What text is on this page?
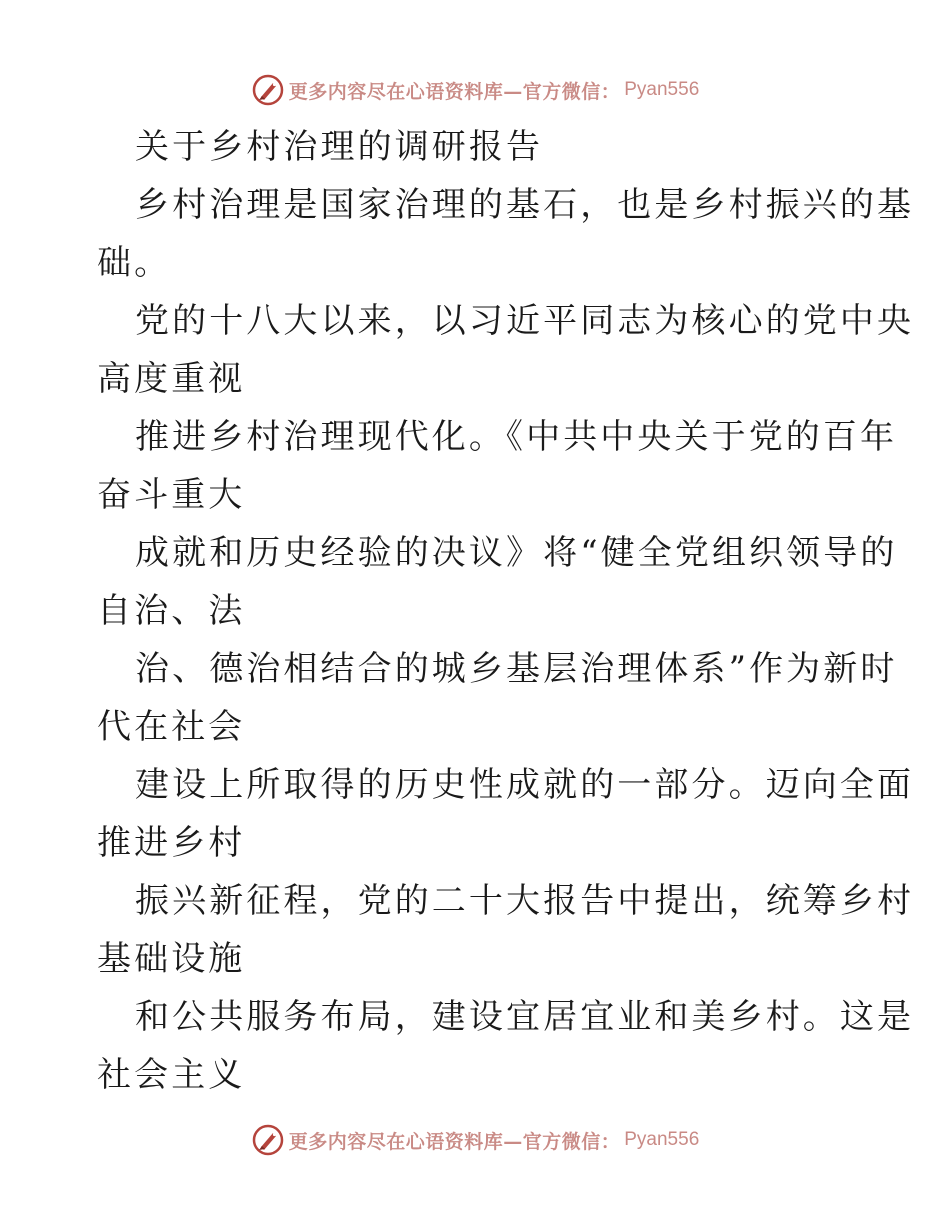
更多内容尽在心语资料库—官方微信： Pyan556
关于乡村治理的调研报告
乡村治理是国家治理的基石，也是乡村振兴的基
础。
党的十八大以来，以习近平同志为核心的党中央
高度重视
推进乡村治理现代化。《中共中央关于党的百年
奋斗重大
成就和历史经验的决议》将“健全党组织领导的
自治、法
治、德治相结合的城乡基层治理体系”作为新时
代在社会
建设上所取得的历史性成就的一部分。迈向全面
推进乡村
振兴新征程，党的二十大报告中提出，统筹乡村
基础设施
和公共服务布局，建设宜居宜业和美乡村。这是
社会主义
更多内容尽在心语资料库—官方微信： Pyan556
